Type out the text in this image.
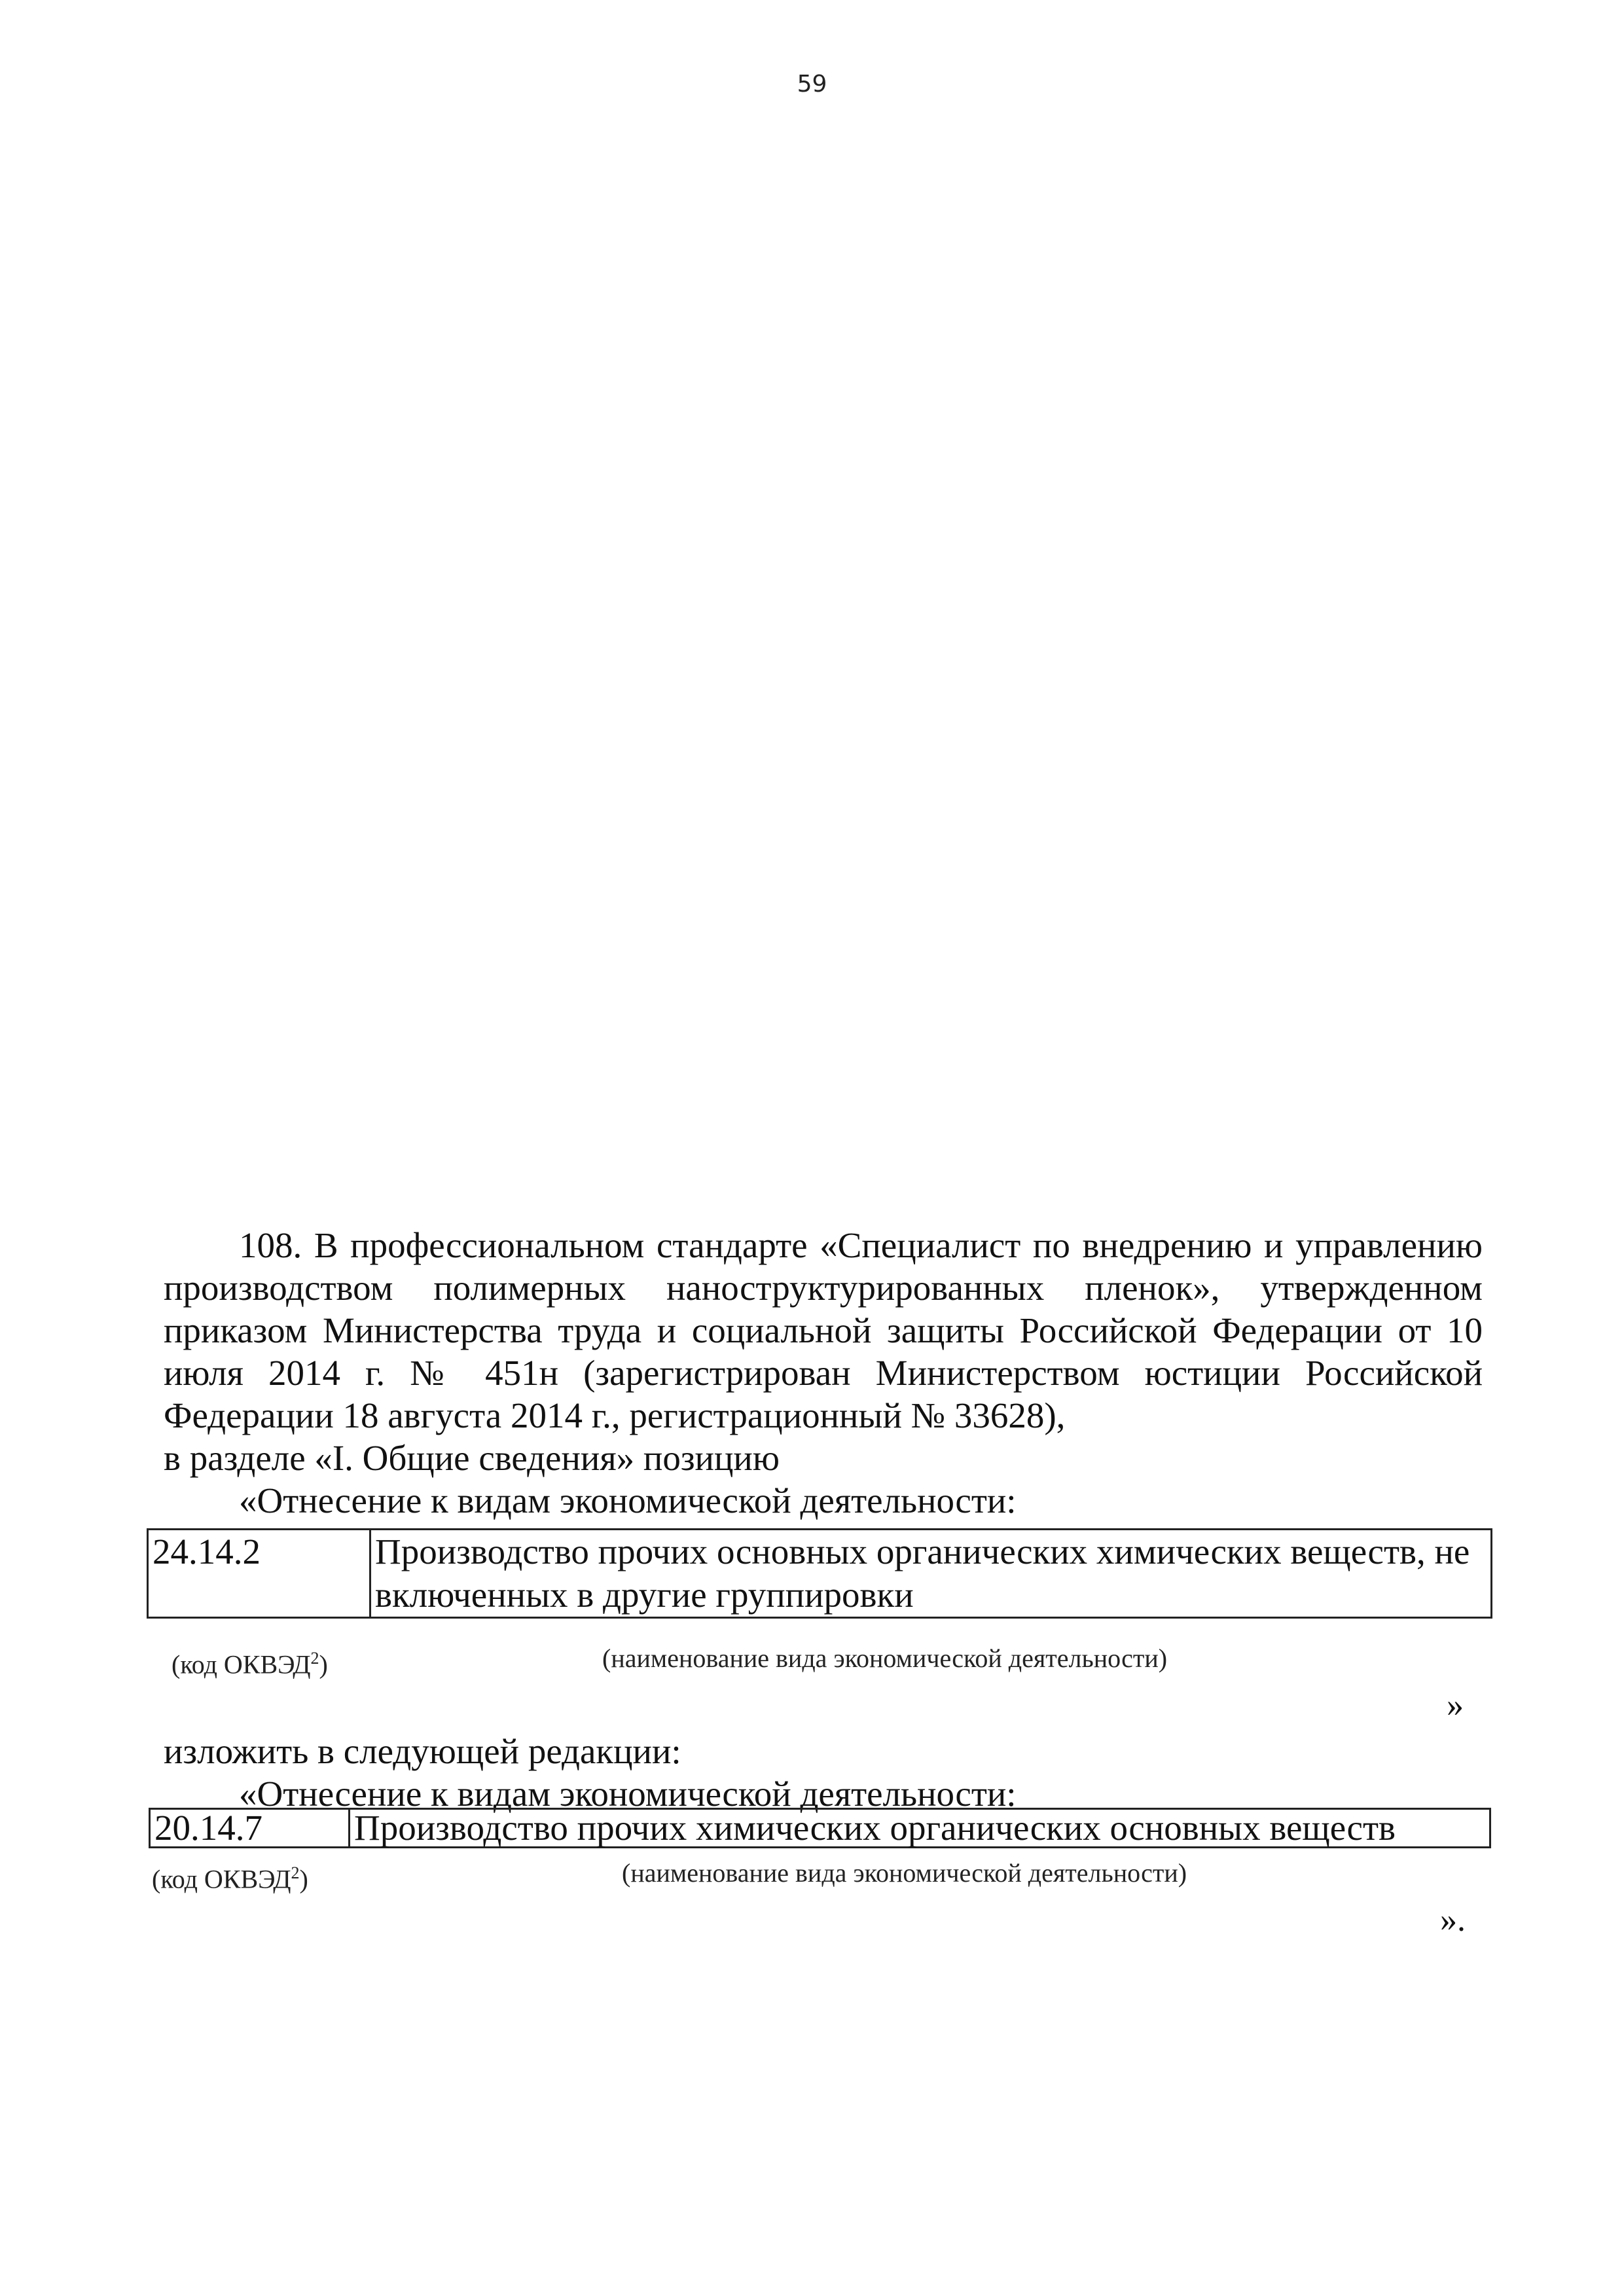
59

108. В профессиональном стандарте «Специалист по внедрению и управлению производством полимерных наноструктурированных пленок», утвержденном приказом Министерства труда и социальной защиты Российской Федерации от 10 июля 2014 г. № 451н (зарегистрирован Министерством юстиции Российской Федерации 18 августа 2014 г., регистрационный № 33628),

в разделе «I. Общие сведения» позицию

«Отнесение к видам экономической деятельности:

24.14.2	Производство прочих основных органических химических веществ, не включенных в другие группировки
(код ОКВЭД$^2$)	(наименование вида экономической деятельности)
»
изложить в следующей редакции:
«Отнесение к видам экономической деятельности:
20.14.7	Производство прочих химических органических основных веществ
(код ОКВЭД$^2$)	(наименование вида экономической деятельности)
».
